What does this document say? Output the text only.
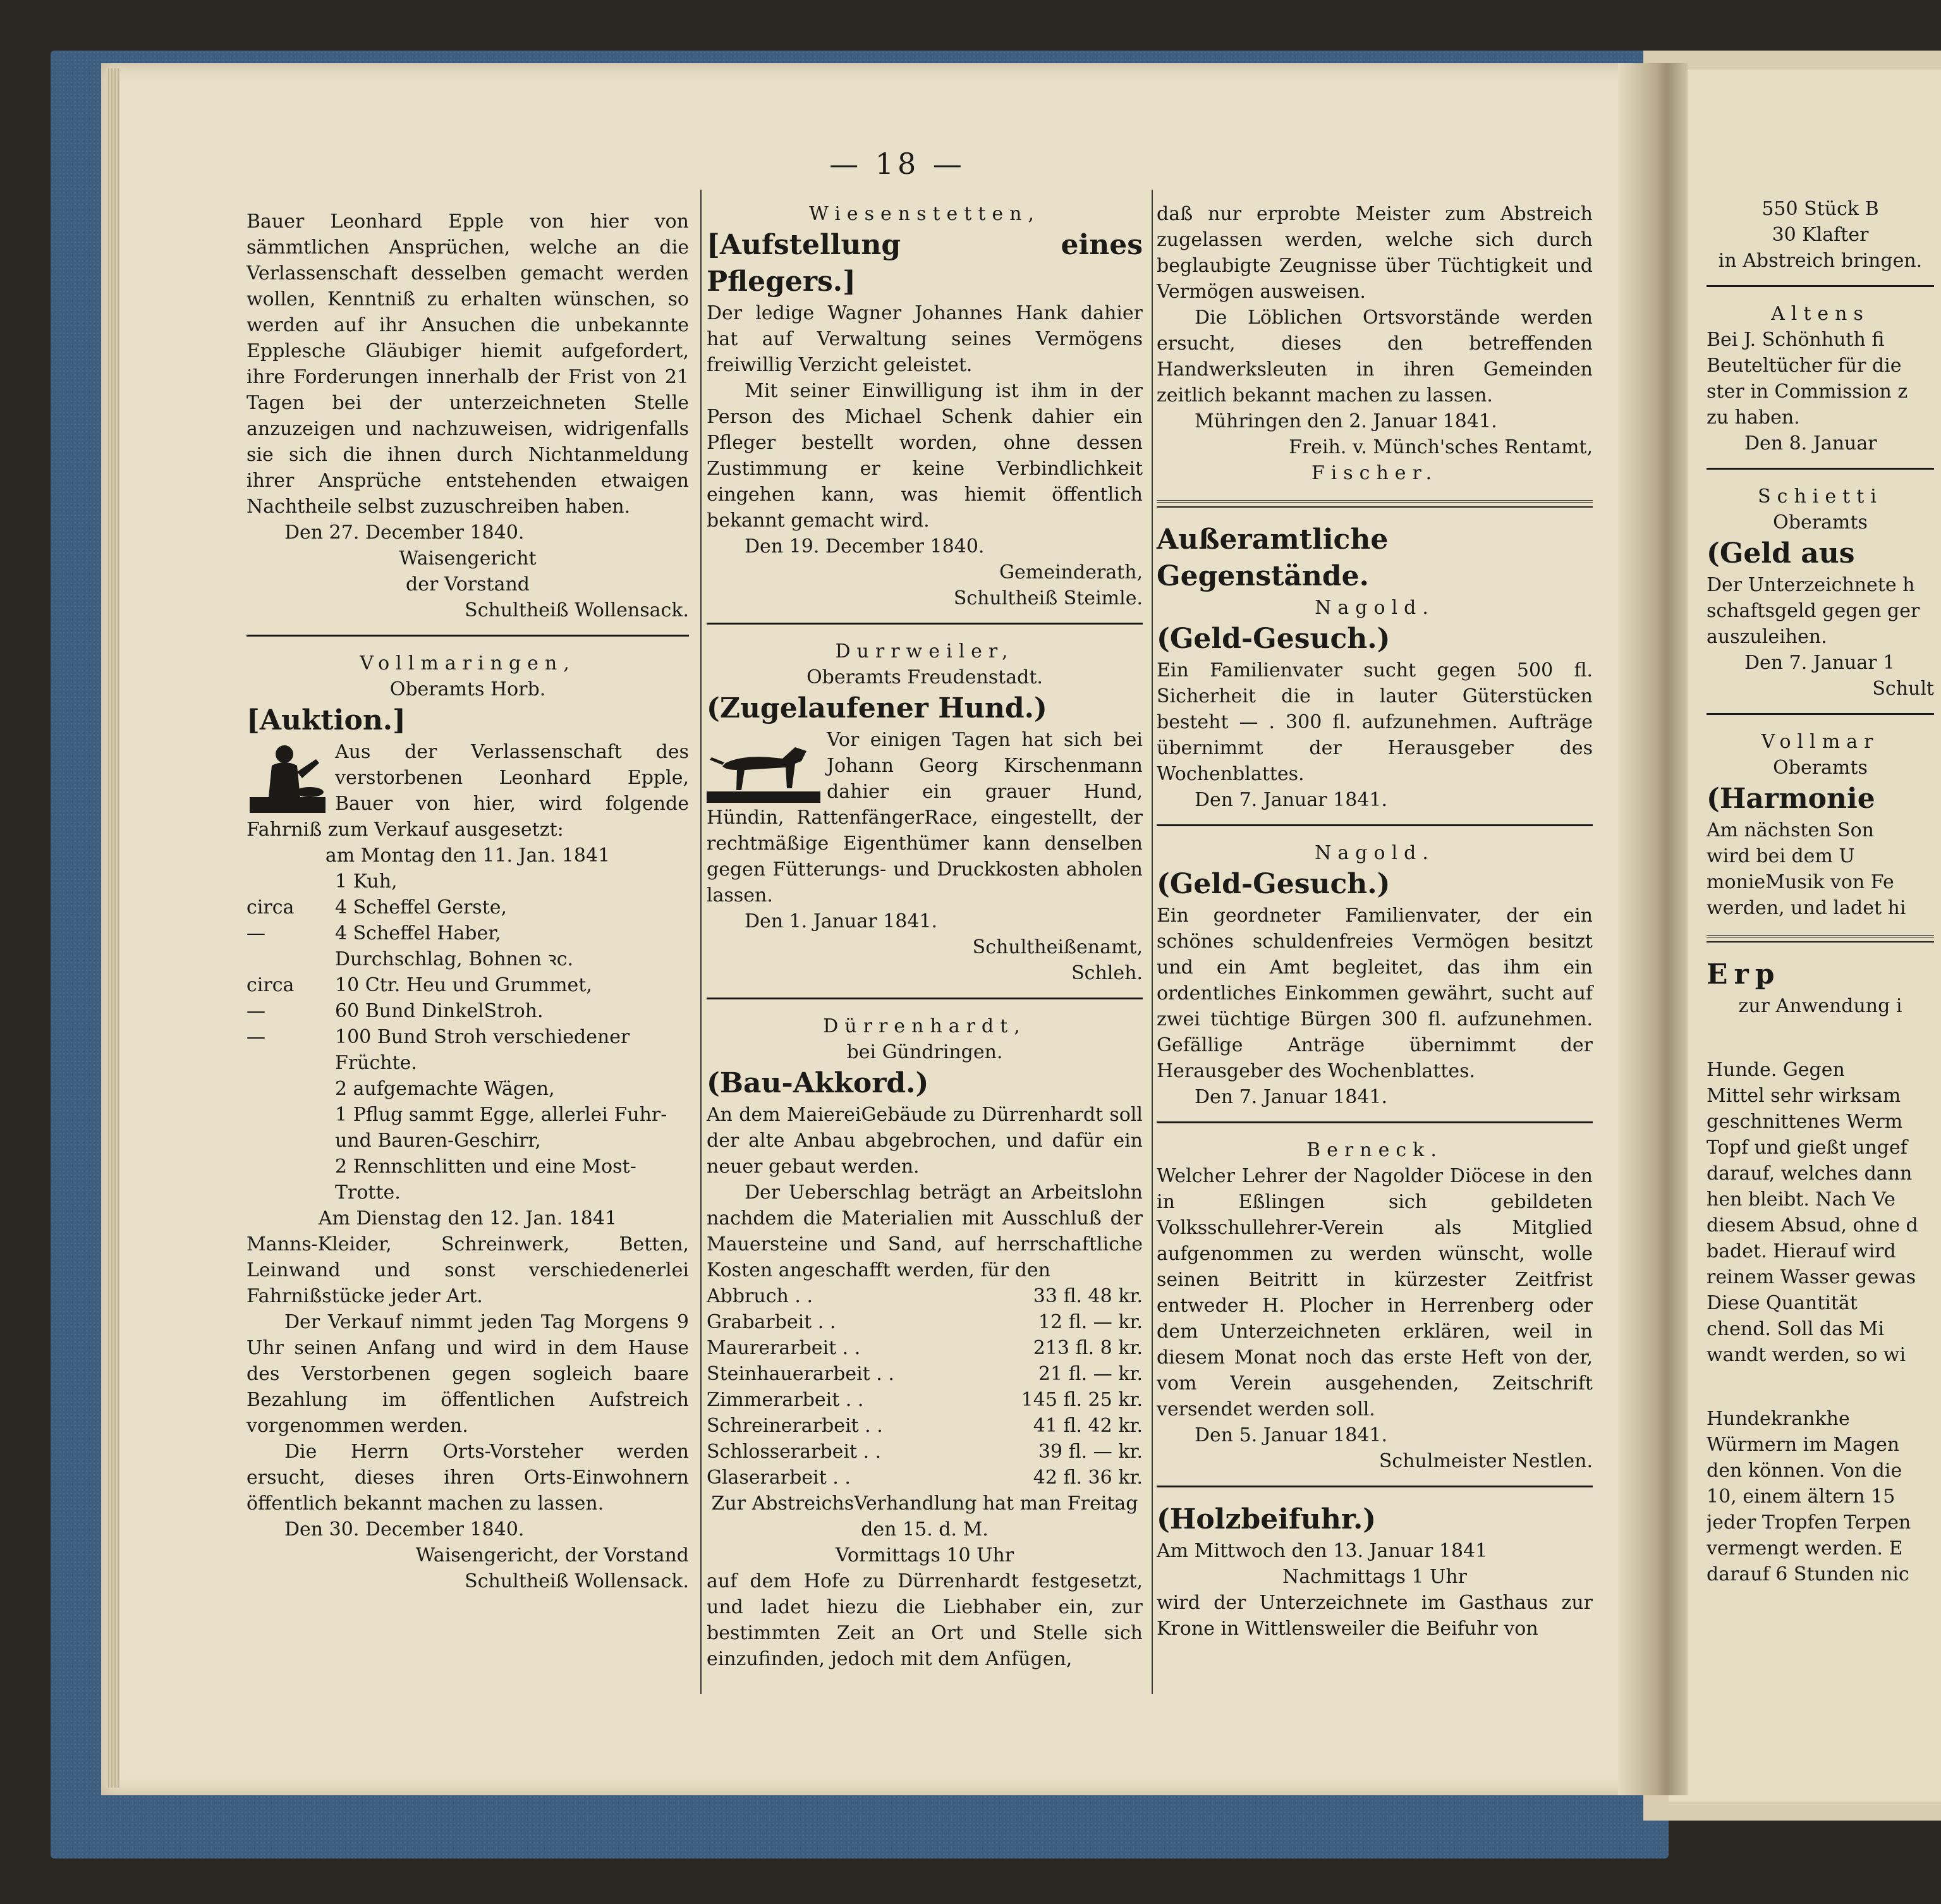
— 18 —

Bauer Leonhard Epple von hier von sämmtlichen Ansprüchen, welche an die Verlassenschaft desselben gemacht werden wollen, Kenntniß zu erhalten wünschen, so werden auf ihr Ansuchen die unbekannte Epplesche Gläubiger hiemit aufgefordert, ihre Forderungen innerhalb der Frist von 21 Tagen bei der unterzeichneten Stelle anzuzeigen und nachzuweisen, widrigenfalls sie sich die ihnen durch Nichtanmeldung ihrer Ansprüche entstehenden etwaigen Nachtheile selbst zuzuschreiben haben.

Den 27. December 1840.

Waisengericht

der Vorstand

Schultheiß Wollensack.

Vollmaringen,

Oberamts Horb.

[Auktion.]

Aus der Verlassenschaft des verstorbenen Leonhard Epple, Bauer von hier, wird folgende Fahrniß zum Verkauf ausgesetzt:

am Montag den 11. Jan. 1841

1 Kuh,
circa	4 Scheffel Gerste,
—	4 Scheffel Haber,
Durchschlag, Bohnen ꝛc.
circa	10 Ctr. Heu und Grummet,
—	60 Bund DinkelStroh.
—	100 Bund Stroh verschiedener Früchte.
2 aufgemachte Wägen,
1 Pflug sammt Egge, allerlei Fuhr- und Bauren-Geschirr,
2 Rennschlitten und eine Most-Trotte.

Am Dienstag den 12. Jan. 1841

Manns-Kleider, Schreinwerk, Betten, Leinwand und sonst verschiedenerlei Fahrnißstücke jeder Art.

Der Verkauf nimmt jeden Tag Morgens 9 Uhr seinen Anfang und wird in dem Hause des Verstorbenen gegen sogleich baare Bezahlung im öffentlichen Aufstreich vorgenommen werden.

Die Herrn Orts-Vorsteher werden ersucht, dieses ihren Orts-Einwohnern öffentlich bekannt machen zu lassen.

Den 30. December 1840.

Waisengericht, der Vorstand

Schultheiß Wollensack.

Wiesenstetten,

[Aufstellung eines Pflegers.]

Der ledige Wagner Johannes Hank dahier hat auf Verwaltung seines Vermögens freiwillig Verzicht geleistet.

Mit seiner Einwilligung ist ihm in der Person des Michael Schenk dahier ein Pfleger bestellt worden, ohne dessen Zustimmung er keine Verbindlichkeit eingehen kann, was hiemit öffentlich bekannt gemacht wird.

Den 19. December 1840.

Gemeinderath,

Schultheiß Steimle.

Durrweiler,

Oberamts Freudenstadt.

(Zugelaufener Hund.)

Vor einigen Tagen hat sich bei Johann Georg Kirschenmann dahier ein grauer Hund, Hündin, RattenfängerRace, eingestellt, der rechtmäßige Eigenthümer kann denselben gegen Fütterungs- und Druckkosten abholen lassen.

Den 1. Januar 1841.

Schultheißenamt,

Schleh.

Dürrenhardt,

bei Gündringen.

(Bau-Akkord.)

An dem MaiereiGebäude zu Dürrenhardt soll der alte Anbau abgebrochen, und dafür ein neuer gebaut werden.

Der Ueberschlag beträgt an Arbeitslohn nachdem die Materialien mit Ausschluß der Mauersteine und Sand, auf herrschaftliche Kosten angeschafft werden, für den

Abbruch . .	33 fl. 48 kr.
Grabarbeit . .	12 fl. — kr.
Maurerarbeit . .	213 fl. 8 kr.
Steinhauerarbeit . .	21 fl. — kr.
Zimmerarbeit . .	145 fl. 25 kr.
Schreinerarbeit . .	41 fl. 42 kr.
Schlosserarbeit . .	39 fl. — kr.
Glaserarbeit . .	42 fl. 36 kr.

Zur AbstreichsVerhandlung hat man Freitag den 15. d. M.

Vormittags 10 Uhr

auf dem Hofe zu Dürrenhardt festgesetzt, und ladet hiezu die Liebhaber ein, zur bestimmten Zeit an Ort und Stelle sich einzufinden, jedoch mit dem Anfügen,

daß nur erprobte Meister zum Abstreich zugelassen werden, welche sich durch beglaubigte Zeugnisse über Tüchtigkeit und Vermögen ausweisen.

Die Löblichen Ortsvorstände werden ersucht, dieses den betreffenden Handwerksleuten in ihren Gemeinden zeitlich bekannt machen zu lassen.

Mühringen den 2. Januar 1841.

Freih. v. Münch'sches Rentamt,

Fischer.

Außeramtliche Gegenstände.

Nagold.

(Geld-Gesuch.)

Ein Familienvater sucht gegen 500 fl. Sicherheit die in lauter Güterstücken besteht — . 300 fl. aufzunehmen. Aufträge übernimmt der Herausgeber des Wochenblattes.

Den 7. Januar 1841.

Nagold.

(Geld-Gesuch.)

Ein geordneter Familienvater, der ein schönes schuldenfreies Vermögen besitzt und ein Amt begleitet, das ihm ein ordentliches Einkommen gewährt, sucht auf zwei tüchtige Bürgen 300 fl. aufzunehmen. Gefällige Anträge übernimmt der Herausgeber des Wochenblattes.

Den 7. Januar 1841.

Berneck.

Welcher Lehrer der Nagolder Diöcese in den in Eßlingen sich gebildeten Volksschullehrer-Verein als Mitglied aufgenommen zu werden wünscht, wolle seinen Beitritt in kürzester Zeitfrist entweder H. Plocher in Herrenberg oder dem Unterzeichneten erklären, weil in diesem Monat noch das erste Heft von der, vom Verein ausgehenden, Zeitschrift versendet werden soll.

Den 5. Januar 1841.

Schulmeister Nestlen.

(Holzbeifuhr.)

Am Mittwoch den 13. Januar 1841

Nachmittags 1 Uhr

wird der Unterzeichnete im Gasthaus zur Krone in Wittlensweiler die Beifuhr von

550 Stück B

30 Klafter

in Abstreich bringen.

Altens

Bei J. Schönhuth fi

Beuteltücher für die

ster in Commission z

zu haben.

Den 8. Januar

Schietti

Oberamts

(Geld aus

Der Unterzeichnete h

schaftsgeld gegen ger

auszuleihen.

Den 7. Januar 1

Schult

Vollmar

Oberamts

(Harmonie

Am nächsten Son

wird bei dem U

monieMusik von Fe

werden, und ladet hi

Erp

zur Anwendung i

Hunde. Gegen

Mittel sehr wirksam

geschnittenes Werm

Topf und gießt ungef

darauf, welches dann

hen bleibt. Nach Ve

diesem Absud, ohne d

badet. Hierauf wird

reinem Wasser gewas

Diese Quantität

chend. Soll das Mi

wandt werden, so wi

Hundekrankhe

Würmern im Magen

den können. Von die

10, einem ältern 15

jeder Tropfen Terpen

vermengt werden. E

darauf 6 Stunden nic
